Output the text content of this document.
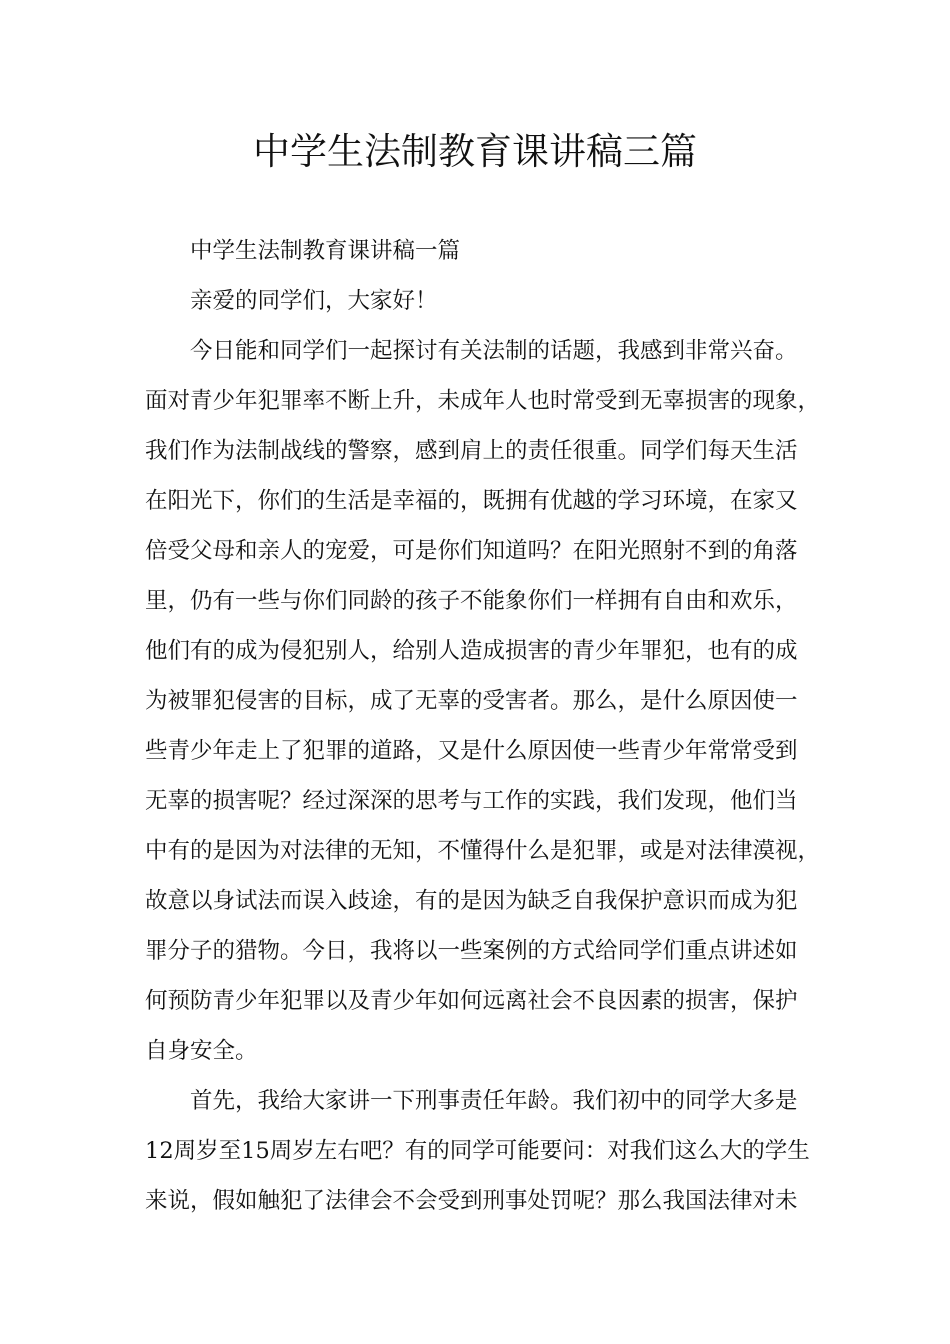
中学生法制教育课讲稿三篇

中学生法制教育课讲稿一篇

亲爱的同学们，大家好！

今日能和同学们一起探讨有关法制的话题，我感到非常兴奋。

面对青少年犯罪率不断上升，未成年人也时常受到无辜损害的现象，

我们作为法制战线的警察，感到肩上的责任很重。同学们每天生活

在阳光下，你们的生活是幸福的，既拥有优越的学习环境，在家又

倍受父母和亲人的宠爱，可是你们知道吗？在阳光照射不到的角落

里，仍有一些与你们同龄的孩子不能象你们一样拥有自由和欢乐，

他们有的成为侵犯别人，给别人造成损害的青少年罪犯，也有的成

为被罪犯侵害的目标，成了无辜的受害者。那么，是什么原因使一

些青少年走上了犯罪的道路，又是什么原因使一些青少年常常受到

无辜的损害呢？经过深深的思考与工作的实践，我们发现，他们当

中有的是因为对法律的无知，不懂得什么是犯罪，或是对法律漠视，

故意以身试法而误入歧途，有的是因为缺乏自我保护意识而成为犯

罪分子的猎物。今日，我将以一些案例的方式给同学们重点讲述如

何预防青少年犯罪以及青少年如何远离社会不良因素的损害，保护

自身安全。

首先，我给大家讲一下刑事责任年龄。我们初中的同学大多是

12周岁至15周岁左右吧？有的同学可能要问：对我们这么大的学生

来说，假如触犯了法律会不会受到刑事处罚呢？那么我国法律对未
